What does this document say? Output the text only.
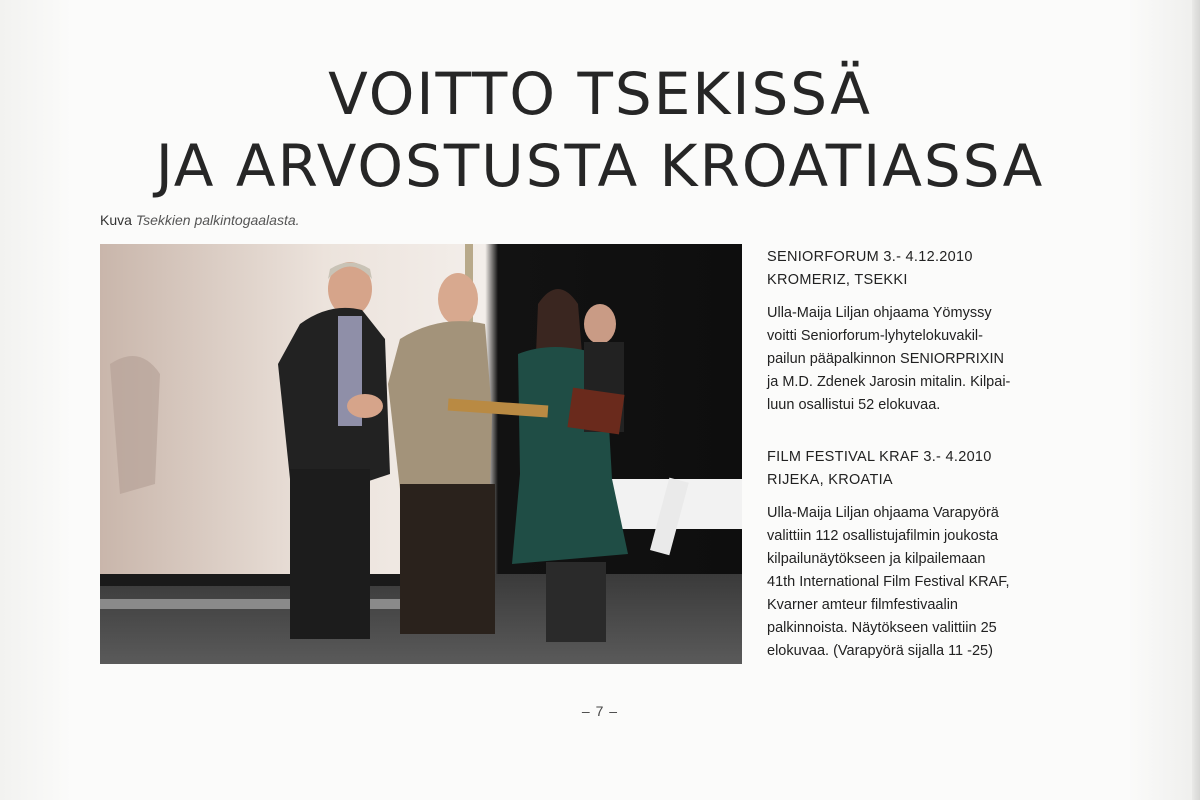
VOITTO TSEKISSÄ
JA ARVOSTUSTA KROATIASSA
Kuva Tsekkien palkintogaalasta.
SENIORFORUM 3.- 4.12.2010
KROMERIZ, TSEKKI
Ulla-Maija Liljan ohjaama Yömyssy
voitti Seniorforum-lyhytelokuvakil-
pailun pääpalkinnon SENIORPRIXIN
ja M.D. Zdenek Jarosin mitalin. Kilpai-
luun osallistui 52 elokuvaa.
FILM FESTIVAL KRAF 3.- 4.2010
RIJEKA, KROATIA
Ulla-Maija Liljan ohjaama Varapyörä
valittiin 112 osallistujafilmin joukosta
kilpailunäytökseen ja kilpailemaan
41th International Film Festival KRAF,
Kvarner amteur filmfestivaalin
palkinnoista. Näytökseen valittiin 25
elokuvaa. (Varapyörä sijalla 11 -25)
– 7 –
